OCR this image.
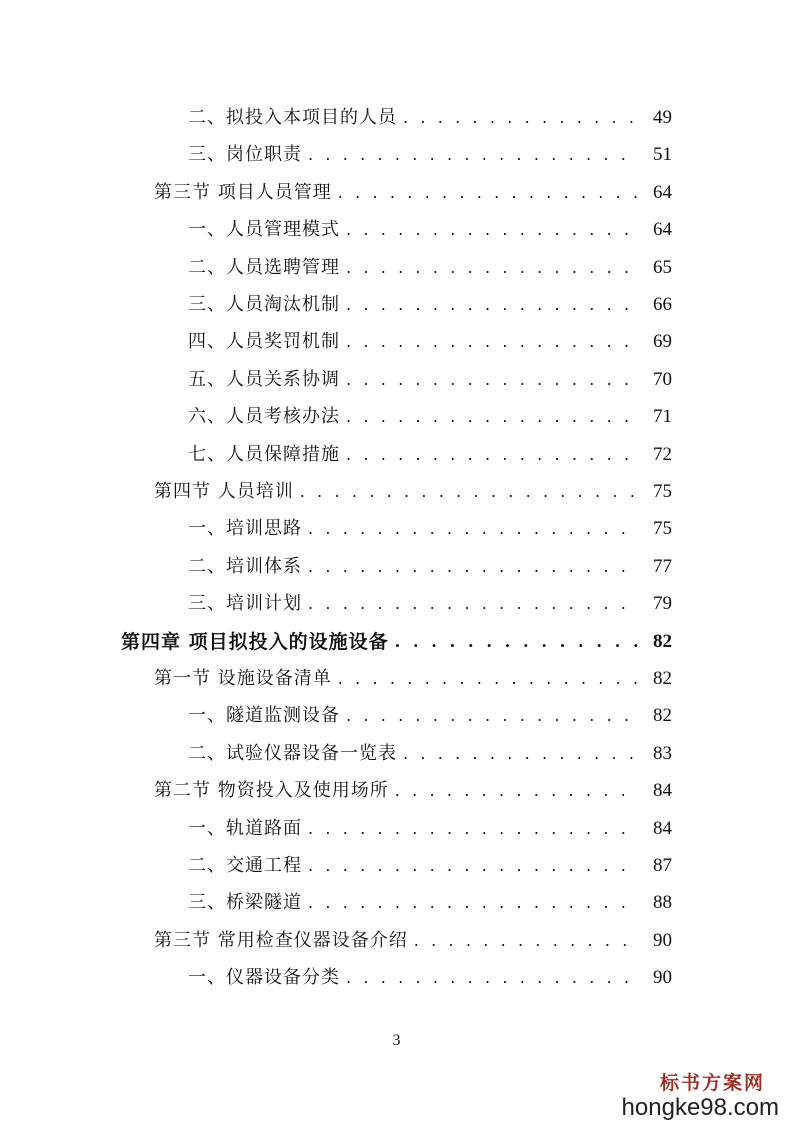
二、拟投入本项目的人员 . . .	49
三、岗位职责 . . .	51
第三节 项目人员管理 . . .	64
一、人员管理模式 . . .	64
二、人员选聘管理 . . .	65
三、人员淘汰机制 . . .	66
四、人员奖罚机制 . . .	69
五、人员关系协调 . . .	70
六、人员考核办法 . . .	71
七、人员保障措施 . . .	72
第四节 人员培训 . . .	75
一、培训思路 . . .	75
二、培训体系 . . .	77
三、培训计划 . . .	79
第四章 项目拟投入的设施设备 . . .	82
第一节 设施设备清单 . . .	82
一、隧道监测设备 . . .	82
二、试验仪器设备一览表 . . .	83
第二节 物资投入及使用场所 . . .	84
一、轨道路面 . . .	84
二、交通工程 . . .	87
三、桥梁隧道 . . .	88
第三节 常用检查仪器设备介绍 . . .	90
一、仪器设备分类 . . .	90
3
标书方案网
hongke98.com
